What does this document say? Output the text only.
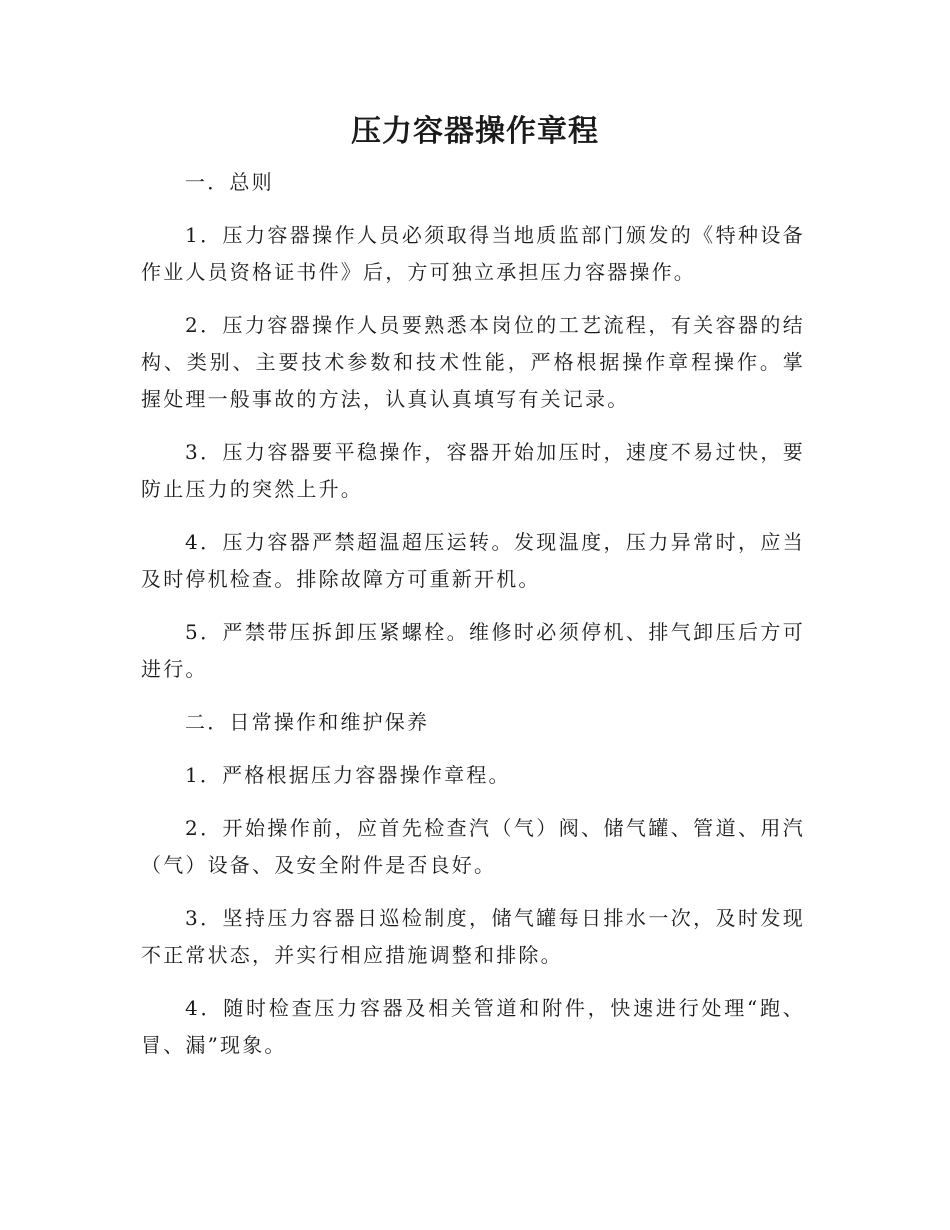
压力容器操作章程

一．总则

1．压力容器操作人员必须取得当地质监部门颁发的《特种设备作业人员资格证书件》后，方可独立承担压力容器操作。

2．压力容器操作人员要熟悉本岗位的工艺流程，有关容器的结构、类别、主要技术参数和技术性能，严格根据操作章程操作。掌握处理一般事故的方法，认真认真填写有关记录。

3．压力容器要平稳操作，容器开始加压时，速度不易过快，要防止压力的突然上升。

4．压力容器严禁超温超压运转。发现温度，压力异常时，应当及时停机检查。排除故障方可重新开机。

5．严禁带压拆卸压紧螺栓。维修时必须停机、排气卸压后方可进行。

二．日常操作和维护保养

1．严格根据压力容器操作章程。

2．开始操作前，应首先检查汽（气）阀、储气罐、管道、用汽（气）设备、及安全附件是否良好。

3．坚持压力容器日巡检制度，储气罐每日排水一次，及时发现不正常状态，并实行相应措施调整和排除。

4．随时检查压力容器及相关管道和附件，快速进行处理“跑、冒、漏”现象。
